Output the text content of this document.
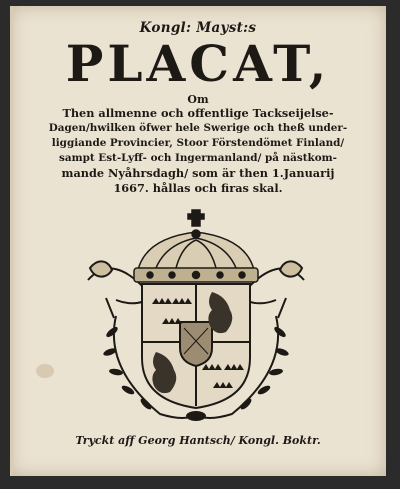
Kongl: Mayst:s
PLACAT,
Om
Then allmenne och offentlige Tackseijelse-
Dagen/hwilken öfwer hele Swerige och theß under-
liggiande Provincier, Stoor Förstendömet Finland/
sampt Est-Lyff- och Ingermanland/ på nästkom-
mande Nyåhrsdagh/ som är then 1.Januarij
1667. hållas och firas skal.
Tryckt aff Georg Hantsch/ Kongl. Boktr.
